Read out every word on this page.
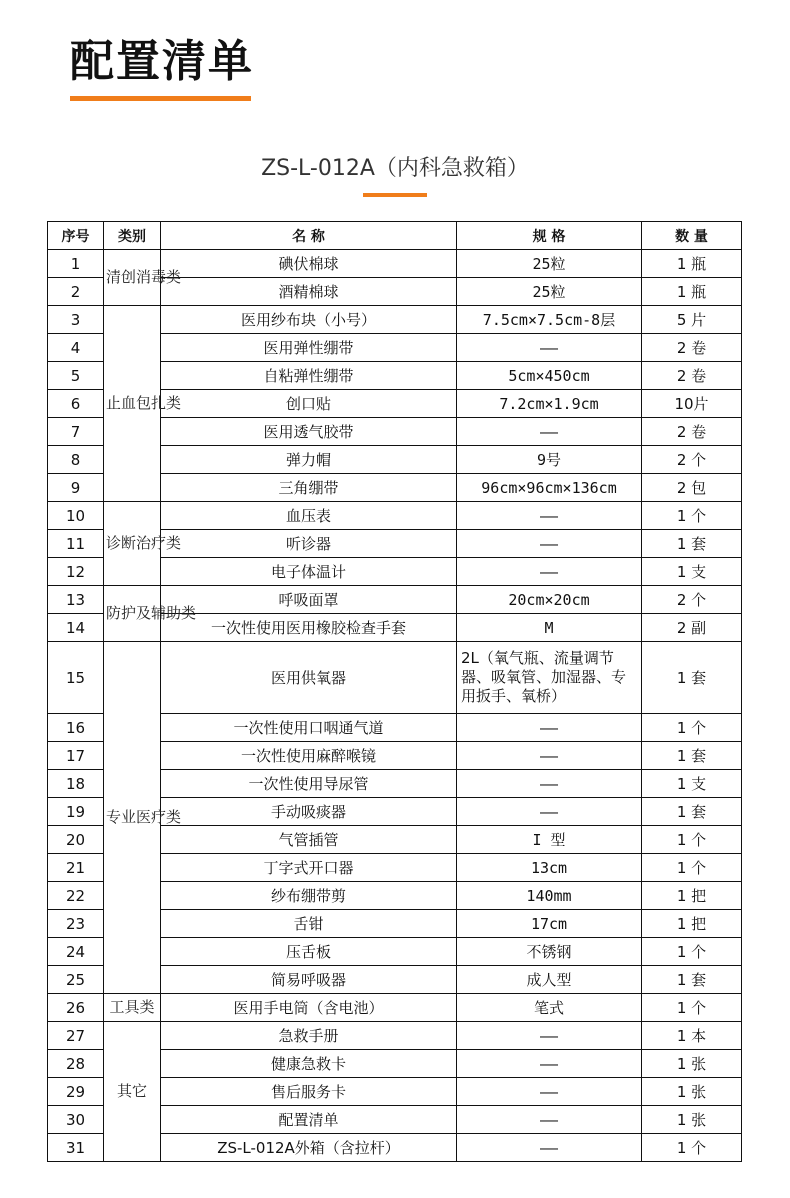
配置清单
ZS-L-012A（内科急救箱）
序号	类别	名 称	规 格	数 量
1	清创消毒类	碘伏棉球	25粒	1 瓶
2		酒精棉球	25粒	1 瓶
3	止血包扎类	医用纱布块（小号）	7.5cm×7.5cm-8层	5 片
4		医用弹性绷带	——	2 卷
5		自粘弹性绷带	5cm×450cm	2 卷
6		创口贴	7.2cm×1.9cm	10片
7		医用透气胶带	——	2 卷
8		弹力帽	9号	2 个
9		三角绷带	96cm×96cm×136cm	2 包
10	诊断治疗类	血压表	——	1 个
11		听诊器	——	1 套
12		电子体温计	——	1 支
13	防护及辅助类	呼吸面罩	20cm×20cm	2 个
14		一次性使用医用橡胶检查手套	M	2 副
15	专业医疗类	医用供氧器	2L（氧气瓶、流量调节器、吸氧管、加湿器、专用扳手、氧桥）	1 套
16		一次性使用口咽通气道	——	1 个
17		一次性使用麻醉喉镜	——	1 套
18		一次性使用导尿管	——	1 支
19		手动吸痰器	——	1 套
20		气管插管	I 型	1 个
21		丁字式开口器	13cm	1 个
22		纱布绷带剪	140mm	1 把
23		舌钳	17cm	1 把
24		压舌板	不锈钢	1 个
25		简易呼吸器	成人型	1 套
26	工具类	医用手电筒（含电池）	笔式	1 个
27	其它	急救手册	——	1 本
28		健康急救卡	——	1 张
29		售后服务卡	——	1 张
30		配置清单	——	1 张
31		ZS-L-012A外箱（含拉杆）	——	1 个
